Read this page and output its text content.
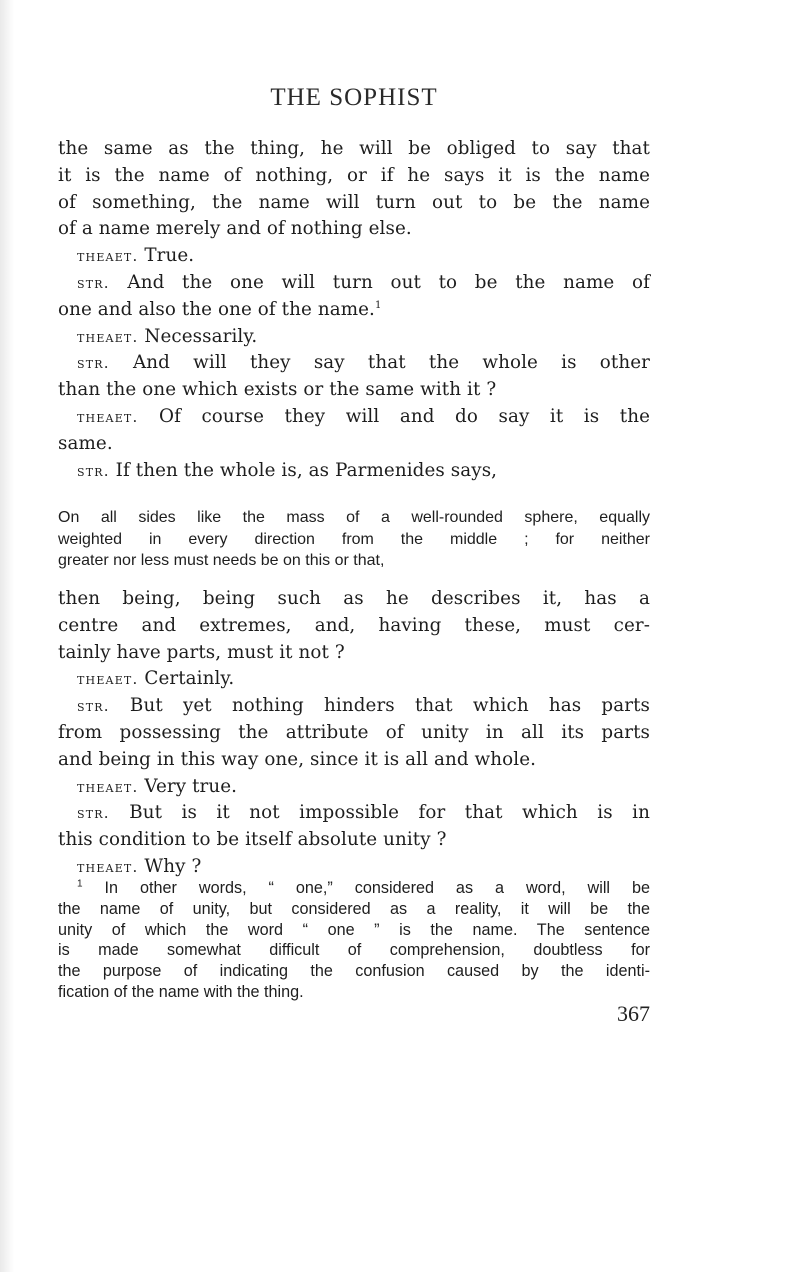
THE SOPHIST

the same as the thing, he will be obliged to say that

it is the name of nothing, or if he says it is the name

of something, the name will turn out to be the name

of a name merely and of nothing else.

theaet. True.

str. And the one will turn out to be the name of

one and also the one of the name.$^1$

theaet. Necessarily.

str. And will they say that the whole is other

than the one which exists or the same with it ?

theaet. Of course they will and do say it is the

same.

str. If then the whole is, as Parmenides says,

On all sides like the mass of a well-rounded sphere, equally
weighted in every direction from the middle ; for neither
greater nor less must needs be on this or that,

then being, being such as he describes it, has a

centre and extremes, and, having these, must cer-

tainly have parts, must it not ?

theaet. Certainly.

str. But yet nothing hinders that which has parts

from possessing the attribute of unity in all its parts

and being in this way one, since it is all and whole.

theaet. Very true.

str. But is it not impossible for that which is in

this condition to be itself absolute unity ?

theaet. Why ?

$^1$ In other words, “ one,” considered as a word, will be

the name of unity, but considered as a reality, it will be the

unity of which the word “ one ” is the name. The sentence

is made somewhat difficult of comprehension, doubtless for

the purpose of indicating the confusion caused by the identi-

fication of the name with the thing.

367
